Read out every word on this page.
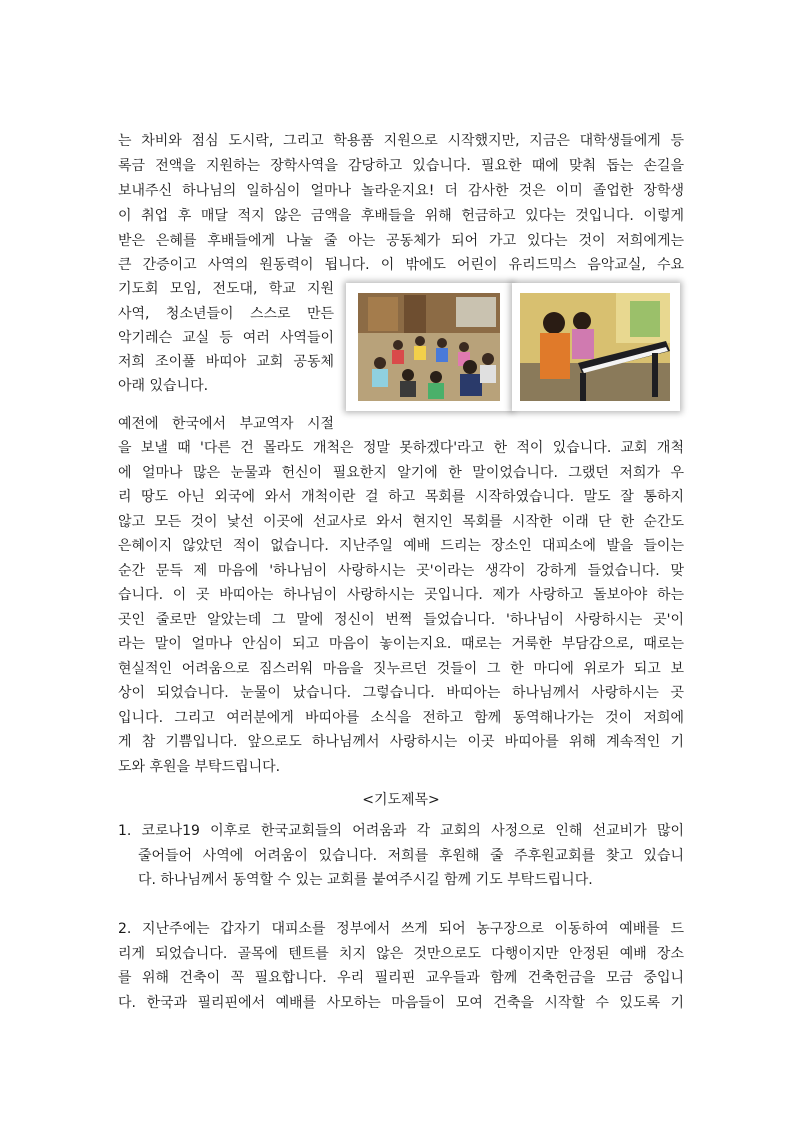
는 차비와 점심 도시락, 그리고 학용품 지원으로 시작했지만, 지금은 대학생들에게 등
록금 전액을 지원하는 장학사역을 감당하고 있습니다. 필요한 때에 맞춰 돕는 손길을
보내주신 하나님의 일하심이 얼마나 놀라운지요! 더 감사한 것은 이미 졸업한 장학생
이 취업 후 매달 적지 않은 금액을 후배들을 위해 헌금하고 있다는 것입니다. 이렇게
받은 은혜를 후배들에게 나눌 줄 아는 공동체가 되어 가고 있다는 것이 저희에게는
큰 간증이고 사역의 원동력이 됩니다. 이 밖에도 어린이 유리드믹스 음악교실, 수요
기도회 모임, 전도대, 학교 지원
사역, 청소년들이 스스로 만든
악기레슨 교실 등 여러 사역들이
저희 조이풀 바띠아 교회 공동체
아래 있습니다.
예전에 한국에서 부교역자 시절
을 보낼 때 '다른 건 몰라도 개척은 정말 못하겠다'라고 한 적이 있습니다. 교회 개척
에 얼마나 많은 눈물과 헌신이 필요한지 알기에 한 말이었습니다. 그랬던 저희가 우
리 땅도 아닌 외국에 와서 개척이란 걸 하고 목회를 시작하였습니다. 말도 잘 통하지
않고 모든 것이 낯선 이곳에 선교사로 와서 현지인 목회를 시작한 이래 단 한 순간도
은혜이지 않았던 적이 없습니다. 지난주일 예배 드리는 장소인 대피소에 발을 들이는
순간 문득 제 마음에 '하나님이 사랑하시는 곳'이라는 생각이 강하게 들었습니다. 맞
습니다. 이 곳 바띠아는 하나님이 사랑하시는 곳입니다. 제가 사랑하고 돌보아야 하는
곳인 줄로만 알았는데 그 말에 정신이 번쩍 들었습니다. '하나님이 사랑하시는 곳'이
라는 말이 얼마나 안심이 되고 마음이 놓이는지요. 때로는 거룩한 부담감으로, 때로는
현실적인 어려움으로 짐스러워 마음을 짓누르던 것들이 그 한 마디에 위로가 되고 보
상이 되었습니다. 눈물이 났습니다. 그렇습니다. 바띠아는 하나님께서 사랑하시는 곳
입니다. 그리고 여러분에게 바띠아를 소식을 전하고 함께 동역해나가는 것이 저희에
게 참 기쁨입니다. 앞으로도 하나님께서 사랑하시는 이곳 바띠아를 위해 계속적인 기
도와 후원을 부탁드립니다.
<기도제목>
1. 코로나19 이후로 한국교회들의 어려움과 각 교회의 사정으로 인해 선교비가 많이
줄어들어 사역에 어려움이 있습니다. 저희를 후원해 줄 주후원교회를 찾고 있습니
다. 하나님께서 동역할 수 있는 교회를 붙여주시길 함께 기도 부탁드립니다.
2. 지난주에는 갑자기 대피소를 정부에서 쓰게 되어 농구장으로 이동하여 예배를 드
리게 되었습니다. 골목에 텐트를 치지 않은 것만으로도 다행이지만 안정된 예배 장소
를 위해 건축이 꼭 필요합니다. 우리 필리핀 교우들과 함께 건축헌금을 모금 중입니
다. 한국과 필리핀에서 예배를 사모하는 마음들이 모여 건축을 시작할 수 있도록 기
